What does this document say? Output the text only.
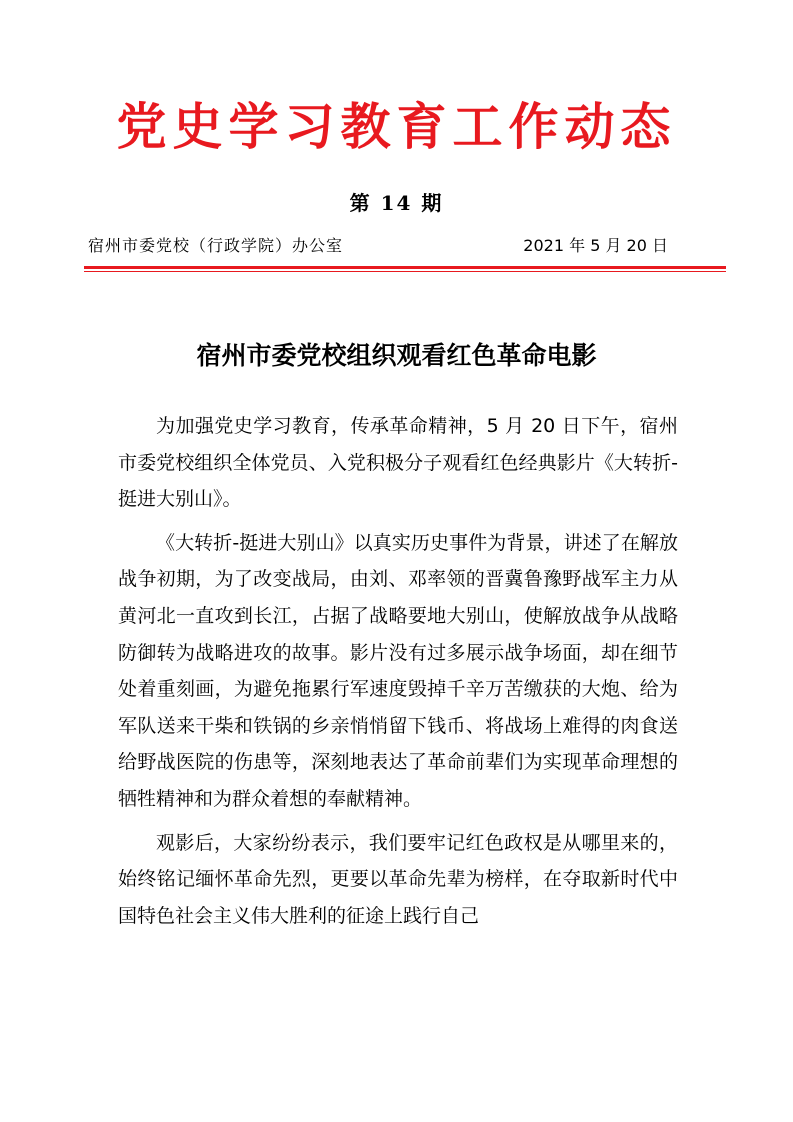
党史学习教育工作动态
第 14 期
宿州市委党校（行政学院）办公室	2021 年 5 月 20 日
宿州市委党校组织观看红色革命电影

为加强党史学习教育，传承革命精神，5 月 20 日下午，宿州市委党校组织全体党员、入党积极分子观看红色经典影片《大转折-挺进大别山》。

《大转折-挺进大别山》以真实历史事件为背景，讲述了在解放战争初期，为了改变战局，由刘、邓率领的晋冀鲁豫野战军主力从黄河北一直攻到长江，占据了战略要地大别山，使解放战争从战略防御转为战略进攻的故事。影片没有过多展示战争场面，却在细节处着重刻画，为避免拖累行军速度毁掉千辛万苦缴获的大炮、给为军队送来干柴和铁锅的乡亲悄悄留下钱币、将战场上难得的肉食送给野战医院的伤患等，深刻地表达了革命前辈们为实现革命理想的牺牲精神和为群众着想的奉献精神。

观影后，大家纷纷表示，我们要牢记红色政权是从哪里来的，始终铭记缅怀革命先烈，更要以革命先辈为榜样，在夺取新时代中国特色社会主义伟大胜利的征途上践行自己
